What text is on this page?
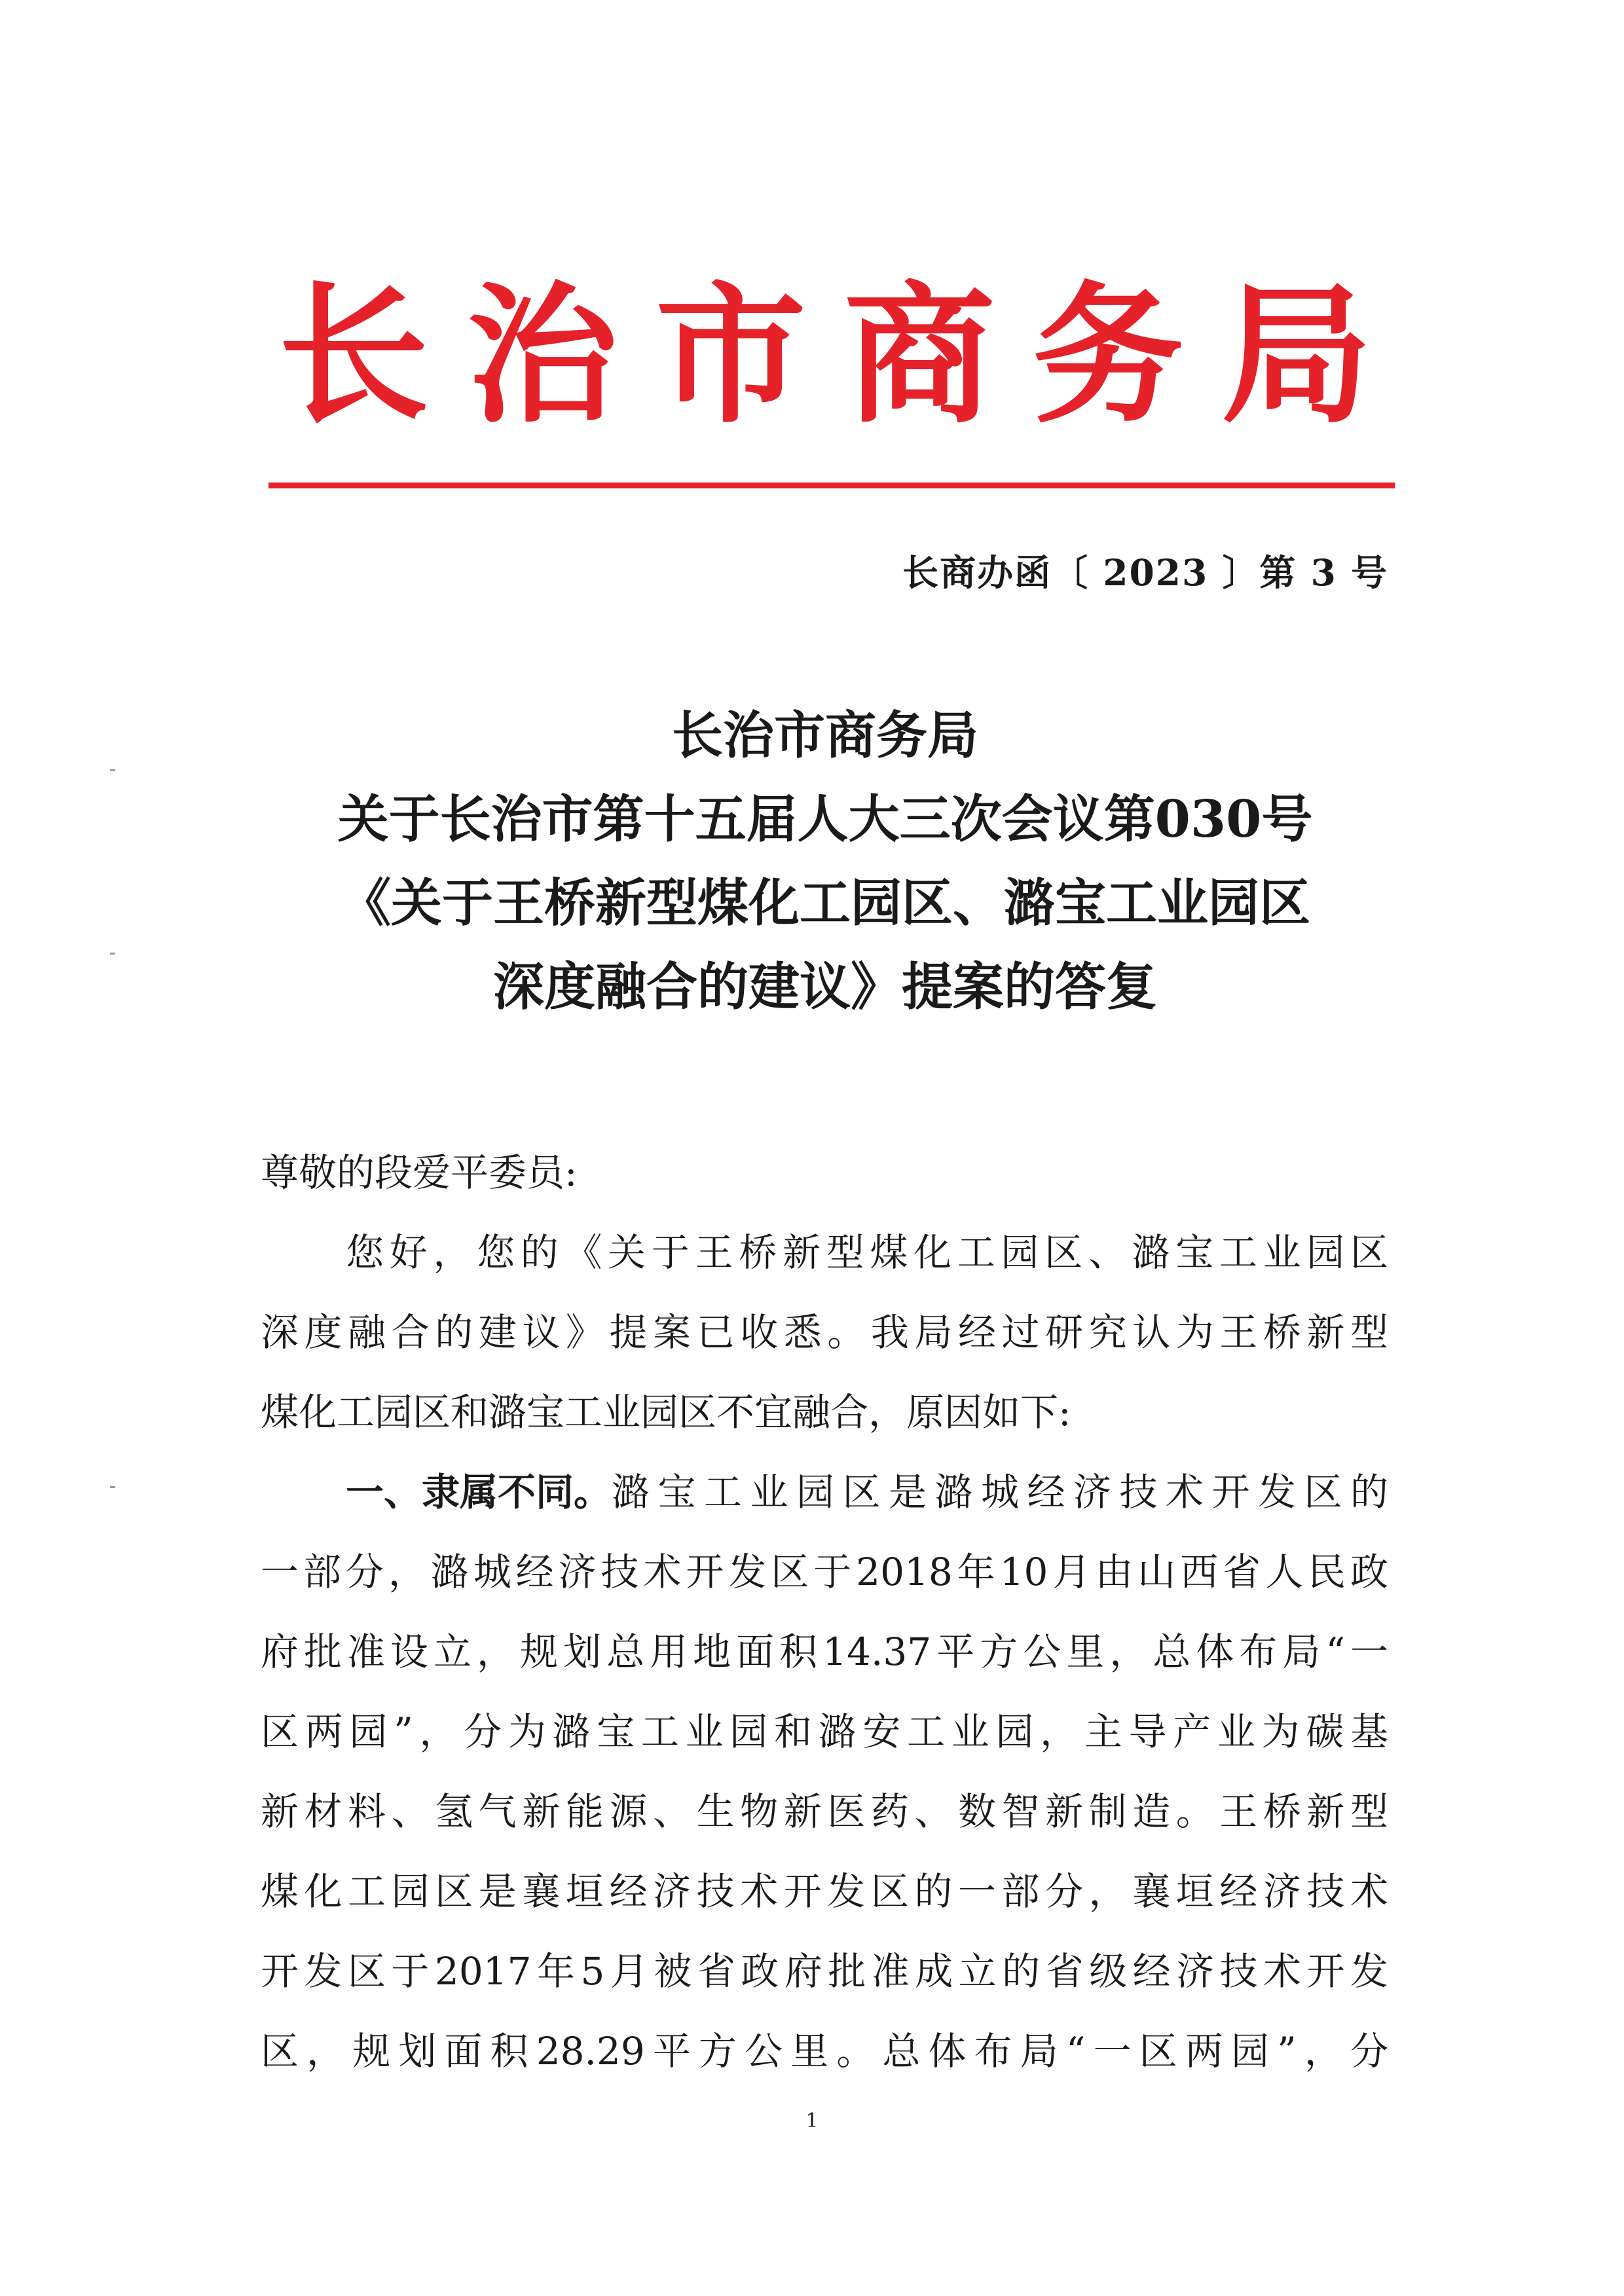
长 治 市 商 务 局
长商办函〔 2023 〕第 3 号
长治市商务局
关于长治市第十五届人大三次会议第030号
《关于王桥新型煤化工园区、潞宝工业园区
深度融合的建议》提案的答复
尊敬的段爱平委员:
您好，您的《关于王桥新型煤化工园区、潞宝工业园区
深度融合的建议》提案已收悉。我局经过研究认为王桥新型
煤化工园区和潞宝工业园区不宜融合，原因如下:
一、隶属不同。 潞宝工业园区是潞城经济技术开发区的
一部分，潞城经济技术开发区于2018年10月由山西省人民政
府批准设立，规划总用地面积14.37平方公里，总体布局“一
区两园”，分为潞宝工业园和潞安工业园，主导产业为碳基
新材料、氢气新能源、生物新医药、数智新制造。王桥新型
煤化工园区是襄垣经济技术开发区的一部分，襄垣经济技术
开发区于2017年5月被省政府批准成立的省级经济技术开发
区，规划面积28.29平方公里。总体布局“一区两园”，分
1
